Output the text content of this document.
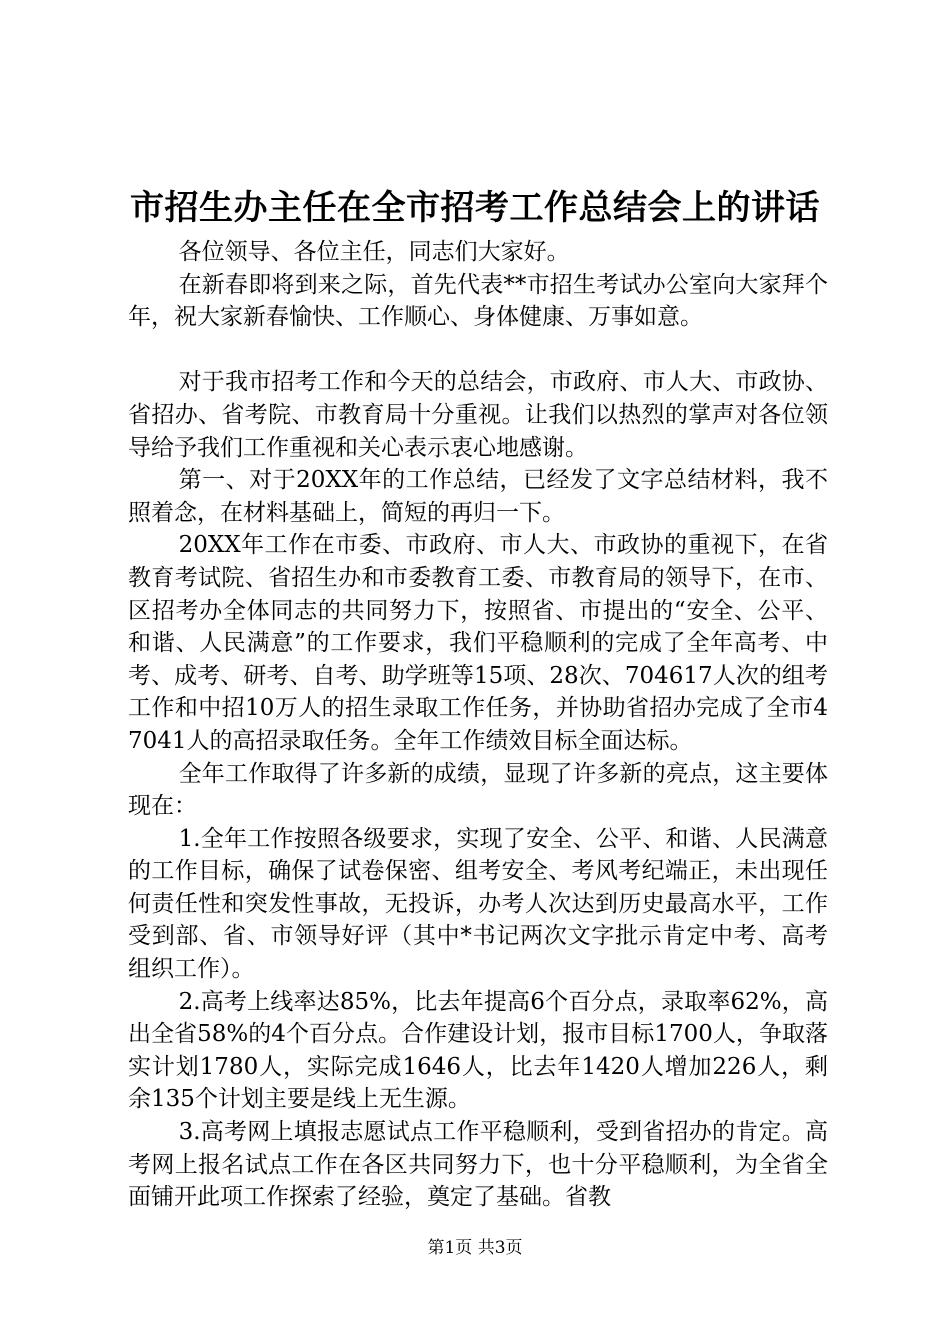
市招生办主任在全市招考工作总结会上的讲话

各位领导、各位主任，同志们大家好。

在新春即将到来之际，首先代表**市招生考试办公室向大家拜个年，祝大家新春愉快、工作顺心、身体健康、万事如意。

对于我市招考工作和今天的总结会，市政府、市人大、市政协、省招办、省考院、市教育局十分重视。让我们以热烈的掌声对各位领导给予我们工作重视和关心表示衷心地感谢。

第一、对于20XX年的工作总结，已经发了文字总结材料，我不照着念，在材料基础上，简短的再归一下。

20XX年工作在市委、市政府、市人大、市政协的重视下，在省教育考试院、省招生办和市委教育工委、市教育局的领导下，在市、区招考办全体同志的共同努力下，按照省、市提出的“安全、公平、和谐、人民满意”的工作要求，我们平稳顺利的完成了全年高考、中考、成考、研考、自考、助学班等15项、28次、704617人次的组考工作和中招10万人的招生录取工作任务，并协助省招办完成了全市47041人的高招录取任务。全年工作绩效目标全面达标。

全年工作取得了许多新的成绩，显现了许多新的亮点，这主要体现在：

1.全年工作按照各级要求，实现了安全、公平、和谐、人民满意的工作目标，确保了试卷保密、组考安全、考风考纪端正，未出现任何责任性和突发性事故，无投诉，办考人次达到历史最高水平，工作受到部、省、市领导好评（其中*书记两次文字批示肯定中考、高考组织工作）。

2.高考上线率达85%，比去年提高6个百分点，录取率62%，高出全省58%的4个百分点。合作建设计划，报市目标1700人，争取落实计划1780人，实际完成1646人，比去年1420人增加226人，剩余135个计划主要是线上无生源。

3.高考网上填报志愿试点工作平稳顺利，受到省招办的肯定。高考网上报名试点工作在各区共同努力下，也十分平稳顺利，为全省全面铺开此项工作探索了经验，奠定了基础。省教

第1页 共3页
